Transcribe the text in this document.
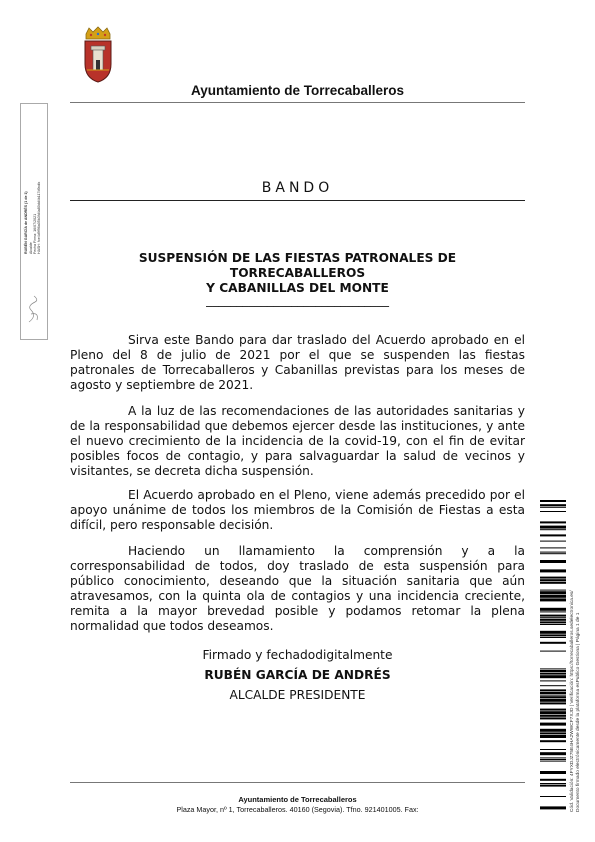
Ayuntamiento de Torrecaballeros
RUBÉN GARCÍA de ANDRÉS (1 de 1) Alcalde Fecha Firma: 16/07/2021 HASH: fce4d9f96a05b3fd4a80dd4b117d9cdb	BANDO
SUSPENSIÓN DE LAS FIESTAS PATRONALES DE
TORRECABALLEROS
Y CABANILLAS DEL MONTE
______________________________
Sirva este Bando para dar traslado del Acuerdo aprobado en el Pleno del 8 de julio de 2021 por el que se suspenden las fiestas patronales de Torrecaballeros y Cabanillas previstas para los meses de agosto y septiembre de 2021.
A la luz de las recomendaciones de las autoridades sanitarias y de la responsabilidad que debemos ejercer desde las instituciones, y ante el nuevo crecimiento de la incidencia de la covid-19, con el fin de evitar posibles focos de contagio, y para salvaguardar la salud de vecinos y visitantes, se decreta dicha suspensión.
El Acuerdo aprobado en el Pleno, viene además precedido por el apoyo unánime de todos los miembros de la Comisión de Fiestas a esta difícil, pero responsable decisión.
Haciendo un llamamiento la comprensión y a la corresponsabilidad de todos, doy traslado de esta suspensión para público conocimiento, deseando que la situación sanitaria que aún atravesamos, con la quinta ola de contagios y una incidencia creciente, remita a la mayor brevedad posible y podamos retomar la plena normalidad que todos deseamos.
Firmado y fechadodigitalmente
RUBÉN GARCÍA DE ANDRÉS
ALCALDE PRESIDENTE
Ayuntamiento de Torrecaballeros
Plaza Mayor, nº 1, Torrecaballeros. 40160 (Segovia). Tfno. 921401005. Fax:	Cód. Validación: 4FYXDJZ75E4HA2WWCF7XJD | Verificación: https://torrecaballeros.sedelectronica.es/ Documento firmado electrónicamente desde la plataforma esPublico Gestiona | Página 1 de 1
